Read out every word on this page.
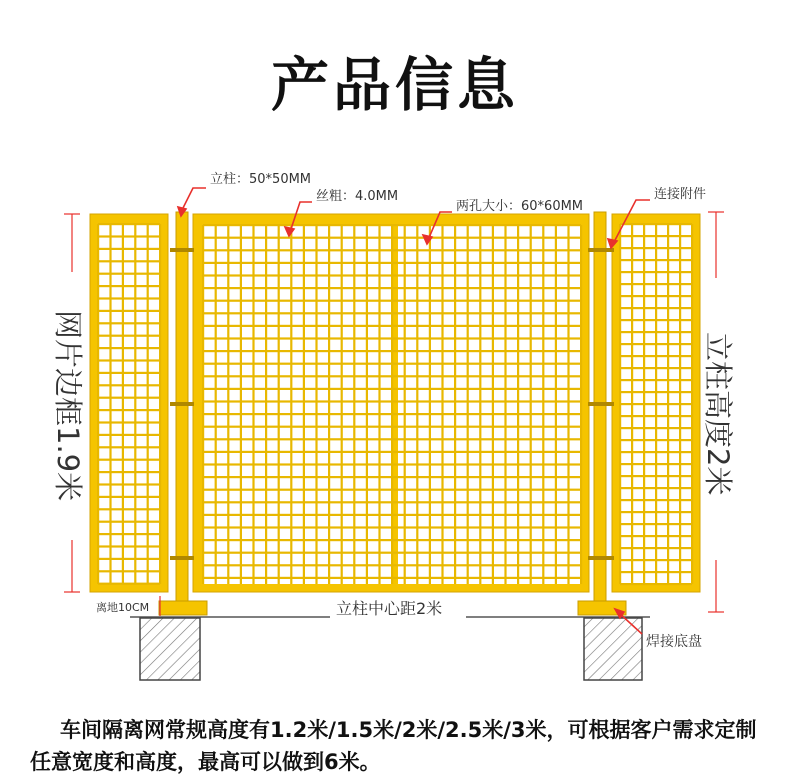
产品信息
立柱：50*50MM
丝粗：4.0MM
两孔大小：60*60MM
连接附件
离地10CM	立柱中心距2米
焊接底盘
网片边框1.9米	立柱高度2米
车间隔离网常规高度有1.2米/1.5米/2米/2.5米/3米，可根据客户需求定制任意宽度和高度，最高可以做到6米。
